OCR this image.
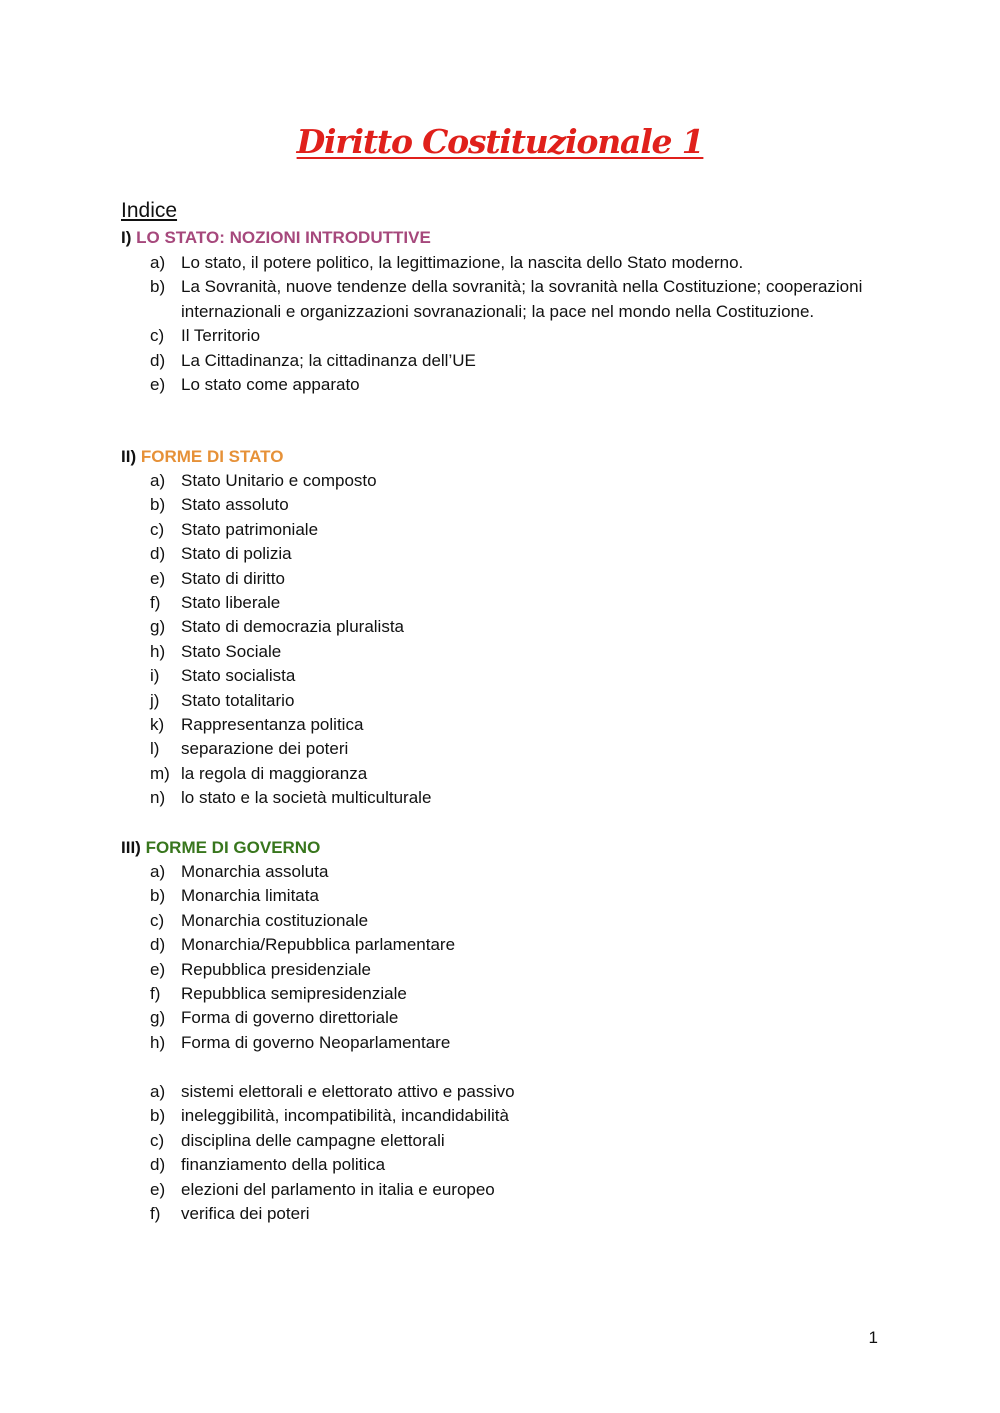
Diritto Costituzionale 1
Indice
I) LO STATO: NOZIONI INTRODUTTIVE
a) Lo stato, il potere politico, la legittimazione, la nascita dello Stato moderno.
b) La Sovranità, nuove tendenze della sovranità; la sovranità nella Costituzione; cooperazioni internazionali e organizzazioni sovranazionali; la pace nel mondo nella Costituzione.
c) Il Territorio
d) La Cittadinanza; la cittadinanza dell’UE
e) Lo stato come apparato
II) FORME DI STATO
a) Stato Unitario e composto
b) Stato assoluto
c) Stato patrimoniale
d) Stato di polizia
e) Stato di diritto
f)	Stato liberale
g) Stato di democrazia pluralista
h) Stato Sociale
i)	Stato socialista
j)	Stato totalitario
k) Rappresentanza politica
l)	separazione dei poteri
m) la regola di maggioranza
n) lo stato e la società multiculturale
III) FORME DI GOVERNO
a) Monarchia assoluta
b) Monarchia limitata
c) Monarchia costituzionale
d) Monarchia/Repubblica parlamentare
e) Repubblica presidenziale
f)	Repubblica semipresidenziale
g) Forma di governo direttoriale
h) Forma di governo Neoparlamentare
a) sistemi elettorali e elettorato attivo e passivo
b) ineleggibilità, incompatibilità, incandidabilità
c) disciplina delle campagne elettorali
d) finanziamento della politica
e) elezioni del parlamento in italia e europeo
f)	verifica dei poteri
1
